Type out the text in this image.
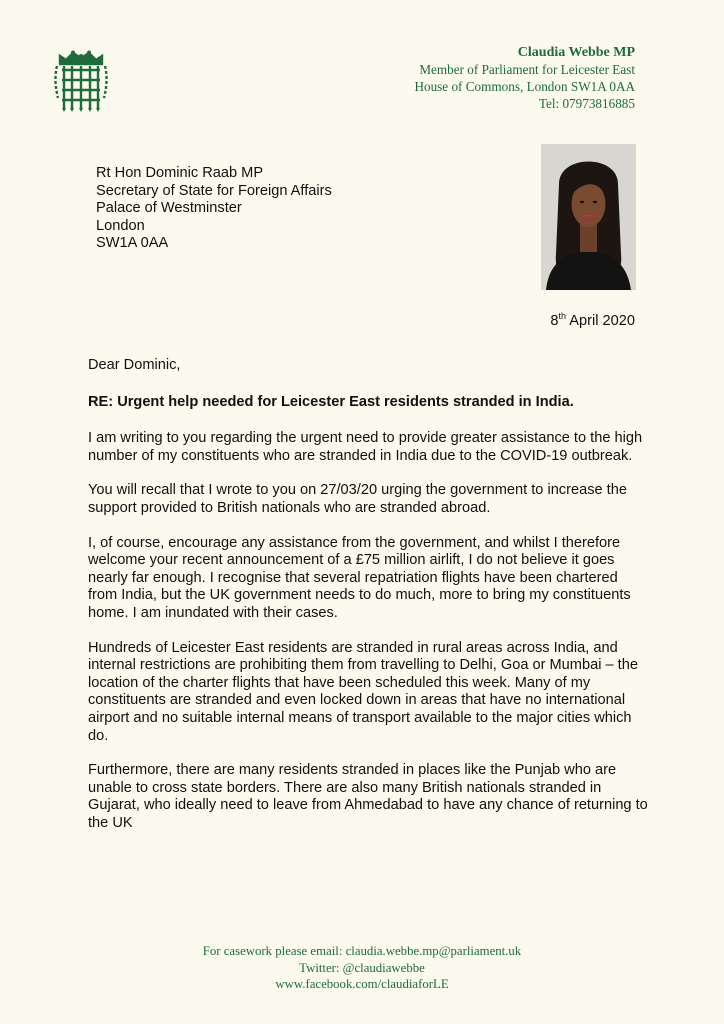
Claudia Webbe MP
Member of Parliament for Leicester East
House of Commons, London SW1A 0AA
Tel: 07973816885
Rt Hon Dominic Raab MP
Secretary of State for Foreign Affairs
Palace of Westminster
London
SW1A 0AA
8th April 2020

Dear Dominic,

RE: Urgent help needed for Leicester East residents stranded in India.

I am writing to you regarding the urgent need to provide greater assistance to the high number of my constituents who are stranded in India due to the COVID-19 outbreak.

You will recall that I wrote to you on 27/03/20 urging the government to increase the support provided to British nationals who are stranded abroad.

I, of course, encourage any assistance from the government, and whilst I therefore welcome your recent announcement of a £75 million airlift, I do not believe it goes nearly far enough. I recognise that several repatriation flights have been chartered from India, but the UK government needs to do much, more to bring my constituents home. I am inundated with their cases.

Hundreds of Leicester East residents are stranded in rural areas across India, and internal restrictions are prohibiting them from travelling to Delhi, Goa or Mumbai – the location of the charter flights that have been scheduled this week. Many of my constituents are stranded and even locked down in areas that have no international airport and no suitable internal means of transport available to the major cities which do.

Furthermore, there are many residents stranded in places like the Punjab who are unable to cross state borders. There are also many British nationals stranded in Gujarat, who ideally need to leave from Ahmedabad to have any chance of returning to the UK

For casework please email: claudia.webbe.mp@parliament.uk
Twitter: @claudiawebbe
www.facebook.com/claudiaforLE
